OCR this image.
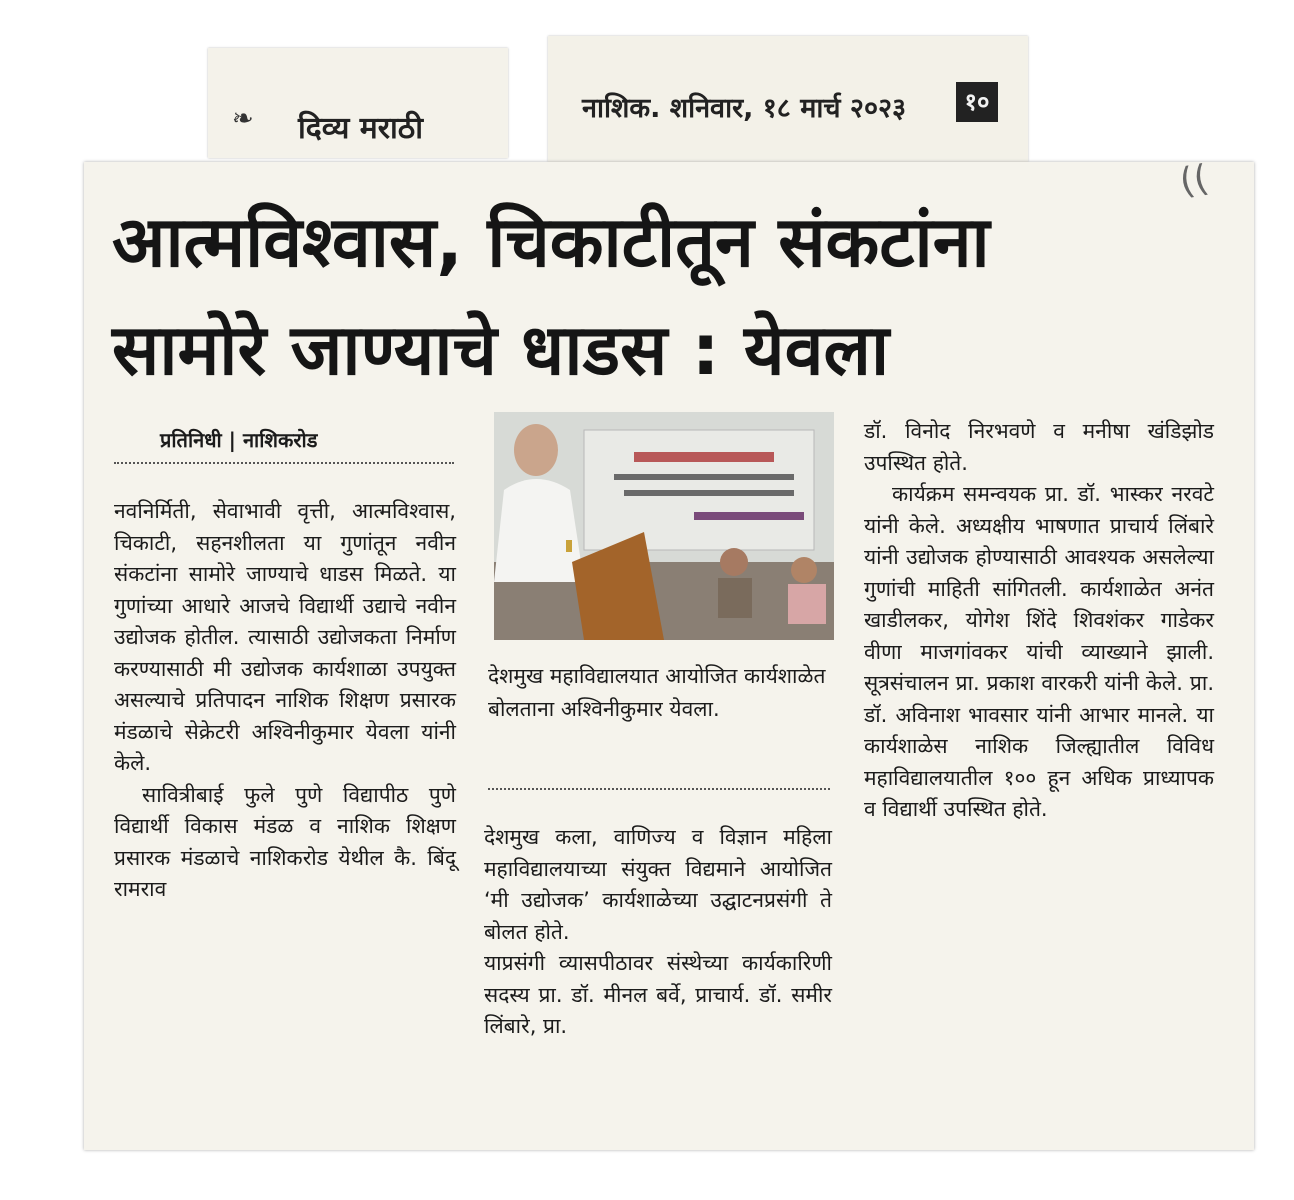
❧ दिव्य मराठी
नाशिक. शनिवार, १८ मार्च २०२३	१०
((
आत्मविश्वास, चिकाटीतून संकटांना
सामोरे जाण्याचे धाडस : येवला
प्रतिनिधी | नाशिकरोड

नवनिर्मिती, सेवाभावी वृत्ती, आत्मविश्वास, चिकाटी, सहनशीलता या गुणांतून नवीन संकटांना सामोरे जाण्याचे धाडस मिळते. या गुणांच्या आधारे आजचे विद्यार्थी उद्याचे नवीन उद्योजक होतील. त्यासाठी उद्योजकता निर्माण करण्यासाठी मी उद्योजक कार्यशाळा उपयुक्त असल्याचे प्रतिपादन नाशिक शिक्षण प्रसारक मंडळाचे सेक्रेटरी अश्विनीकुमार येवला यांनी केले.

सावित्रीबाई फुले पुणे विद्यापीठ पुणे विद्यार्थी विकास मंडळ व नाशिक शिक्षण प्रसारक मंडळाचे नाशिकरोड येथील कै. बिंदू रामराव

देशमुख महाविद्यालयात आयोजित कार्यशाळेत बोलताना अश्विनीकुमार येवला.

देशमुख कला, वाणिज्य व विज्ञान महिला महाविद्यालयाच्या संयुक्त विद्यमाने आयोजित ‘मी उद्योजक’ कार्यशाळेच्या उद्घाटनप्रसंगी ते बोलत होते.

याप्रसंगी व्यासपीठावर संस्थेच्या कार्यकारिणी सदस्य प्रा. डॉ. मीनल बर्वे, प्राचार्य. डॉ. समीर लिंबारे, प्रा.

डॉ. विनोद निरभवणे व मनीषा खंडिझोड उपस्थित होते.

कार्यक्रम समन्वयक प्रा. डॉ. भास्कर नरवटे यांनी केले. अध्यक्षीय भाषणात प्राचार्य लिंबारे यांनी उद्योजक होण्यासाठी आवश्यक असलेल्या गुणांची माहिती सांगितली. कार्यशाळेत अनंत खाडीलकर, योगेश शिंदे शिवशंकर गाडेकर वीणा माजगांवकर यांची व्याख्याने झाली. सूत्रसंचालन प्रा. प्रकाश वारकरी यांनी केले. प्रा. डॉ. अविनाश भावसार यांनी आभार मानले. या कार्यशाळेस नाशिक जिल्ह्यातील विविध महाविद्यालयातील १०० हून अधिक प्राध्यापक व विद्यार्थी उपस्थित होते.
